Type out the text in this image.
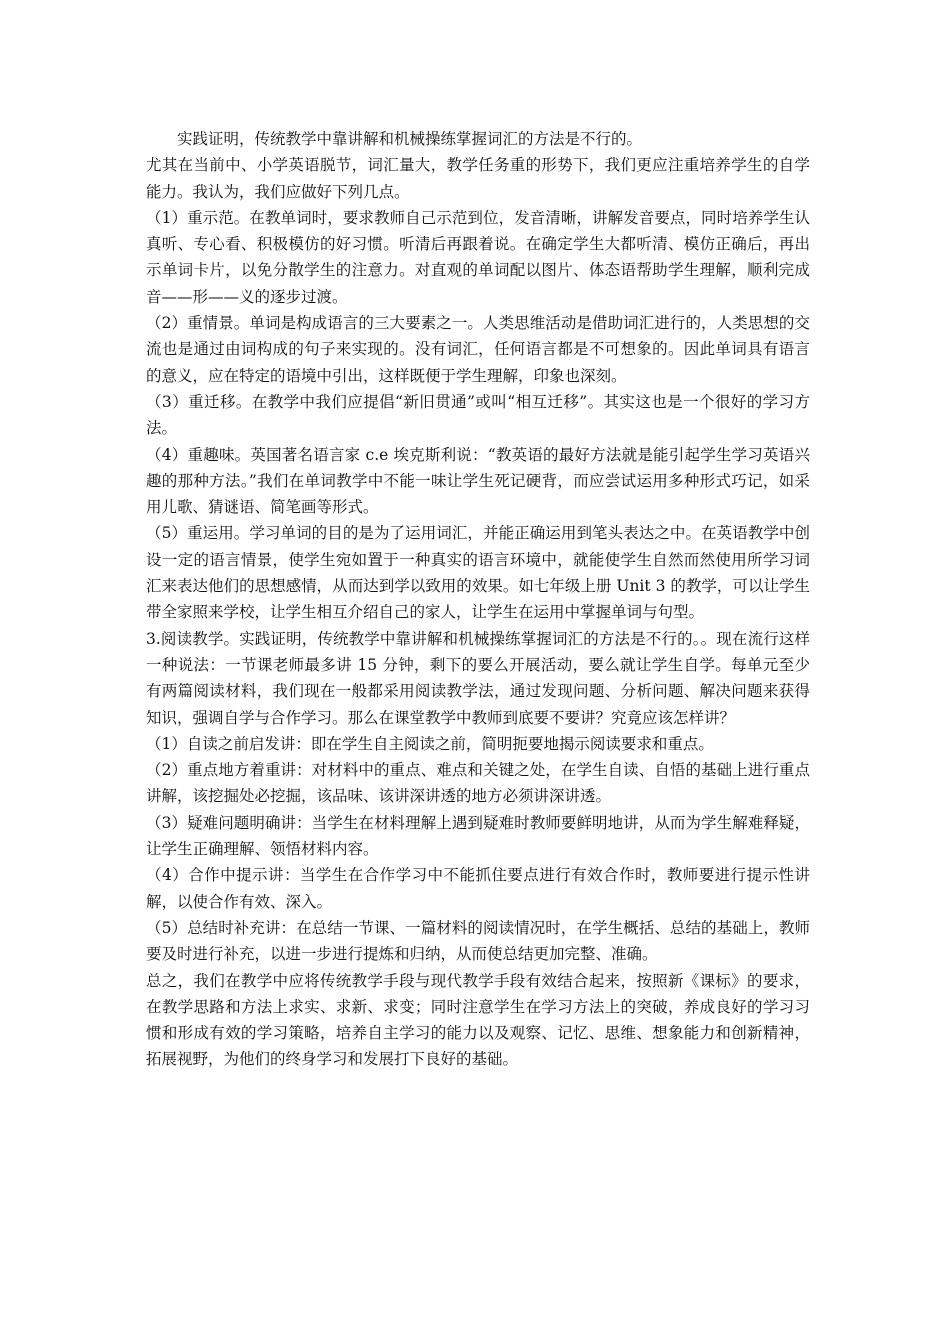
实践证明，传统教学中靠讲解和机械操练掌握词汇的方法是不行的。

尤其在当前中、小学英语脱节，词汇量大，教学任务重的形势下，我们更应注重培养学生的自学能力。我认为，我们应做好下列几点。

（1）重示范。在教单词时，要求教师自己示范到位，发音清晰，讲解发音要点，同时培养学生认真听、专心看、积极模仿的好习惯。听清后再跟着说。在确定学生大都听清、模仿正确后，再出示单词卡片，以免分散学生的注意力。对直观的单词配以图片、体态语帮助学生理解，顺利完成音——形——义的逐步过渡。

（2）重情景。单词是构成语言的三大要素之一。人类思维活动是借助词汇进行的，人类思想的交流也是通过由词构成的句子来实现的。没有词汇，任何语言都是不可想象的。因此单词具有语言的意义，应在特定的语境中引出，这样既便于学生理解，印象也深刻。

（3）重迁移。在教学中我们应提倡“新旧贯通”或叫“相互迁移”。其实这也是一个很好的学习方法。

（4）重趣味。英国著名语言家 c.e 埃克斯利说：“教英语的最好方法就是能引起学生学习英语兴趣的那种方法。”我们在单词教学中不能一味让学生死记硬背，而应尝试运用多种形式巧记，如采用儿歌、猜谜语、简笔画等形式。

（5）重运用。学习单词的目的是为了运用词汇，并能正确运用到笔头表达之中。在英语教学中创设一定的语言情景，使学生宛如置于一种真实的语言环境中，就能使学生自然而然使用所学习词汇来表达他们的思想感情，从而达到学以致用的效果。如七年级上册 Unit 3 的教学，可以让学生带全家照来学校，让学生相互介绍自己的家人，让学生在运用中掌握单词与句型。

3.阅读教学。实践证明，传统教学中靠讲解和机械操练掌握词汇的方法是不行的。。现在流行这样一种说法：一节课老师最多讲 15 分钟，剩下的要么开展活动，要么就让学生自学。每单元至少有两篇阅读材料，我们现在一般都采用阅读教学法，通过发现问题、分析问题、解决问题来获得知识，强调自学与合作学习。那么在课堂教学中教师到底要不要讲？究竟应该怎样讲？

（1）自读之前启发讲：即在学生自主阅读之前，简明扼要地揭示阅读要求和重点。

（2）重点地方着重讲：对材料中的重点、难点和关键之处，在学生自读、自悟的基础上进行重点讲解，该挖掘处必挖掘，该品味、该讲深讲透的地方必须讲深讲透。

（3）疑难问题明确讲：当学生在材料理解上遇到疑难时教师要鲜明地讲，从而为学生解难释疑，让学生正确理解、领悟材料内容。

（4）合作中提示讲：当学生在合作学习中不能抓住要点进行有效合作时，教师要进行提示性讲解，以使合作有效、深入。

（5）总结时补充讲：在总结一节课、一篇材料的阅读情况时，在学生概括、总结的基础上，教师要及时进行补充，以进一步进行提炼和归纳，从而使总结更加完整、准确。

总之，我们在教学中应将传统教学手段与现代教学手段有效结合起来，按照新《课标》的要求，在教学思路和方法上求实、求新、求变；同时注意学生在学习方法上的突破，养成良好的学习习惯和形成有效的学习策略，培养自主学习的能力以及观察、记忆、思维、想象能力和创新精神，拓展视野，为他们的终身学习和发展打下良好的基础。
